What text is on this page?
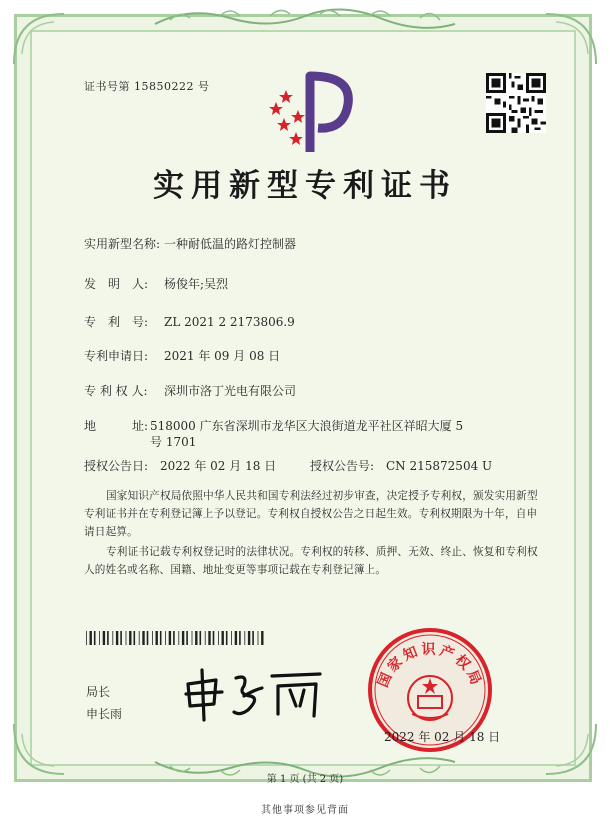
证书号第 15850222 号
实用新型专利证书
实用新型名称: 一种耐低温的路灯控制器
发　明　人: 杨俊年;吴烈
专　利　号: ZL 2021 2 2173806.9
专利申请日: 2021 年 09 月 08 日
专 利 权 人: 深圳市洛丁光电有限公司
地　　　址: 518000 广东省深圳市龙华区大浪街道龙平社区祥昭大厦 5
号 1701
授权公告日: 2022 年 02 月 18 日	授权公告号: CN 215872504 U
国家知识产权局依照中华人民共和国专利法经过初步审查，决定授予专利权，颁发实用新型专利证书并在专利登记簿上予以登记。专利权自授权公告之日起生效。专利权期限为十年，自申请日起算。
专利证书记载专利权登记时的法律状况。专利权的转移、质押、无效、终止、恢复和专利权人的姓名或名称、国籍、地址变更等事项记载在专利登记簿上。
局长
申长雨
国家知识产权局
2022 年 02 月 18 日
第 1 页 (共 2 页)
其他事项参见背面
